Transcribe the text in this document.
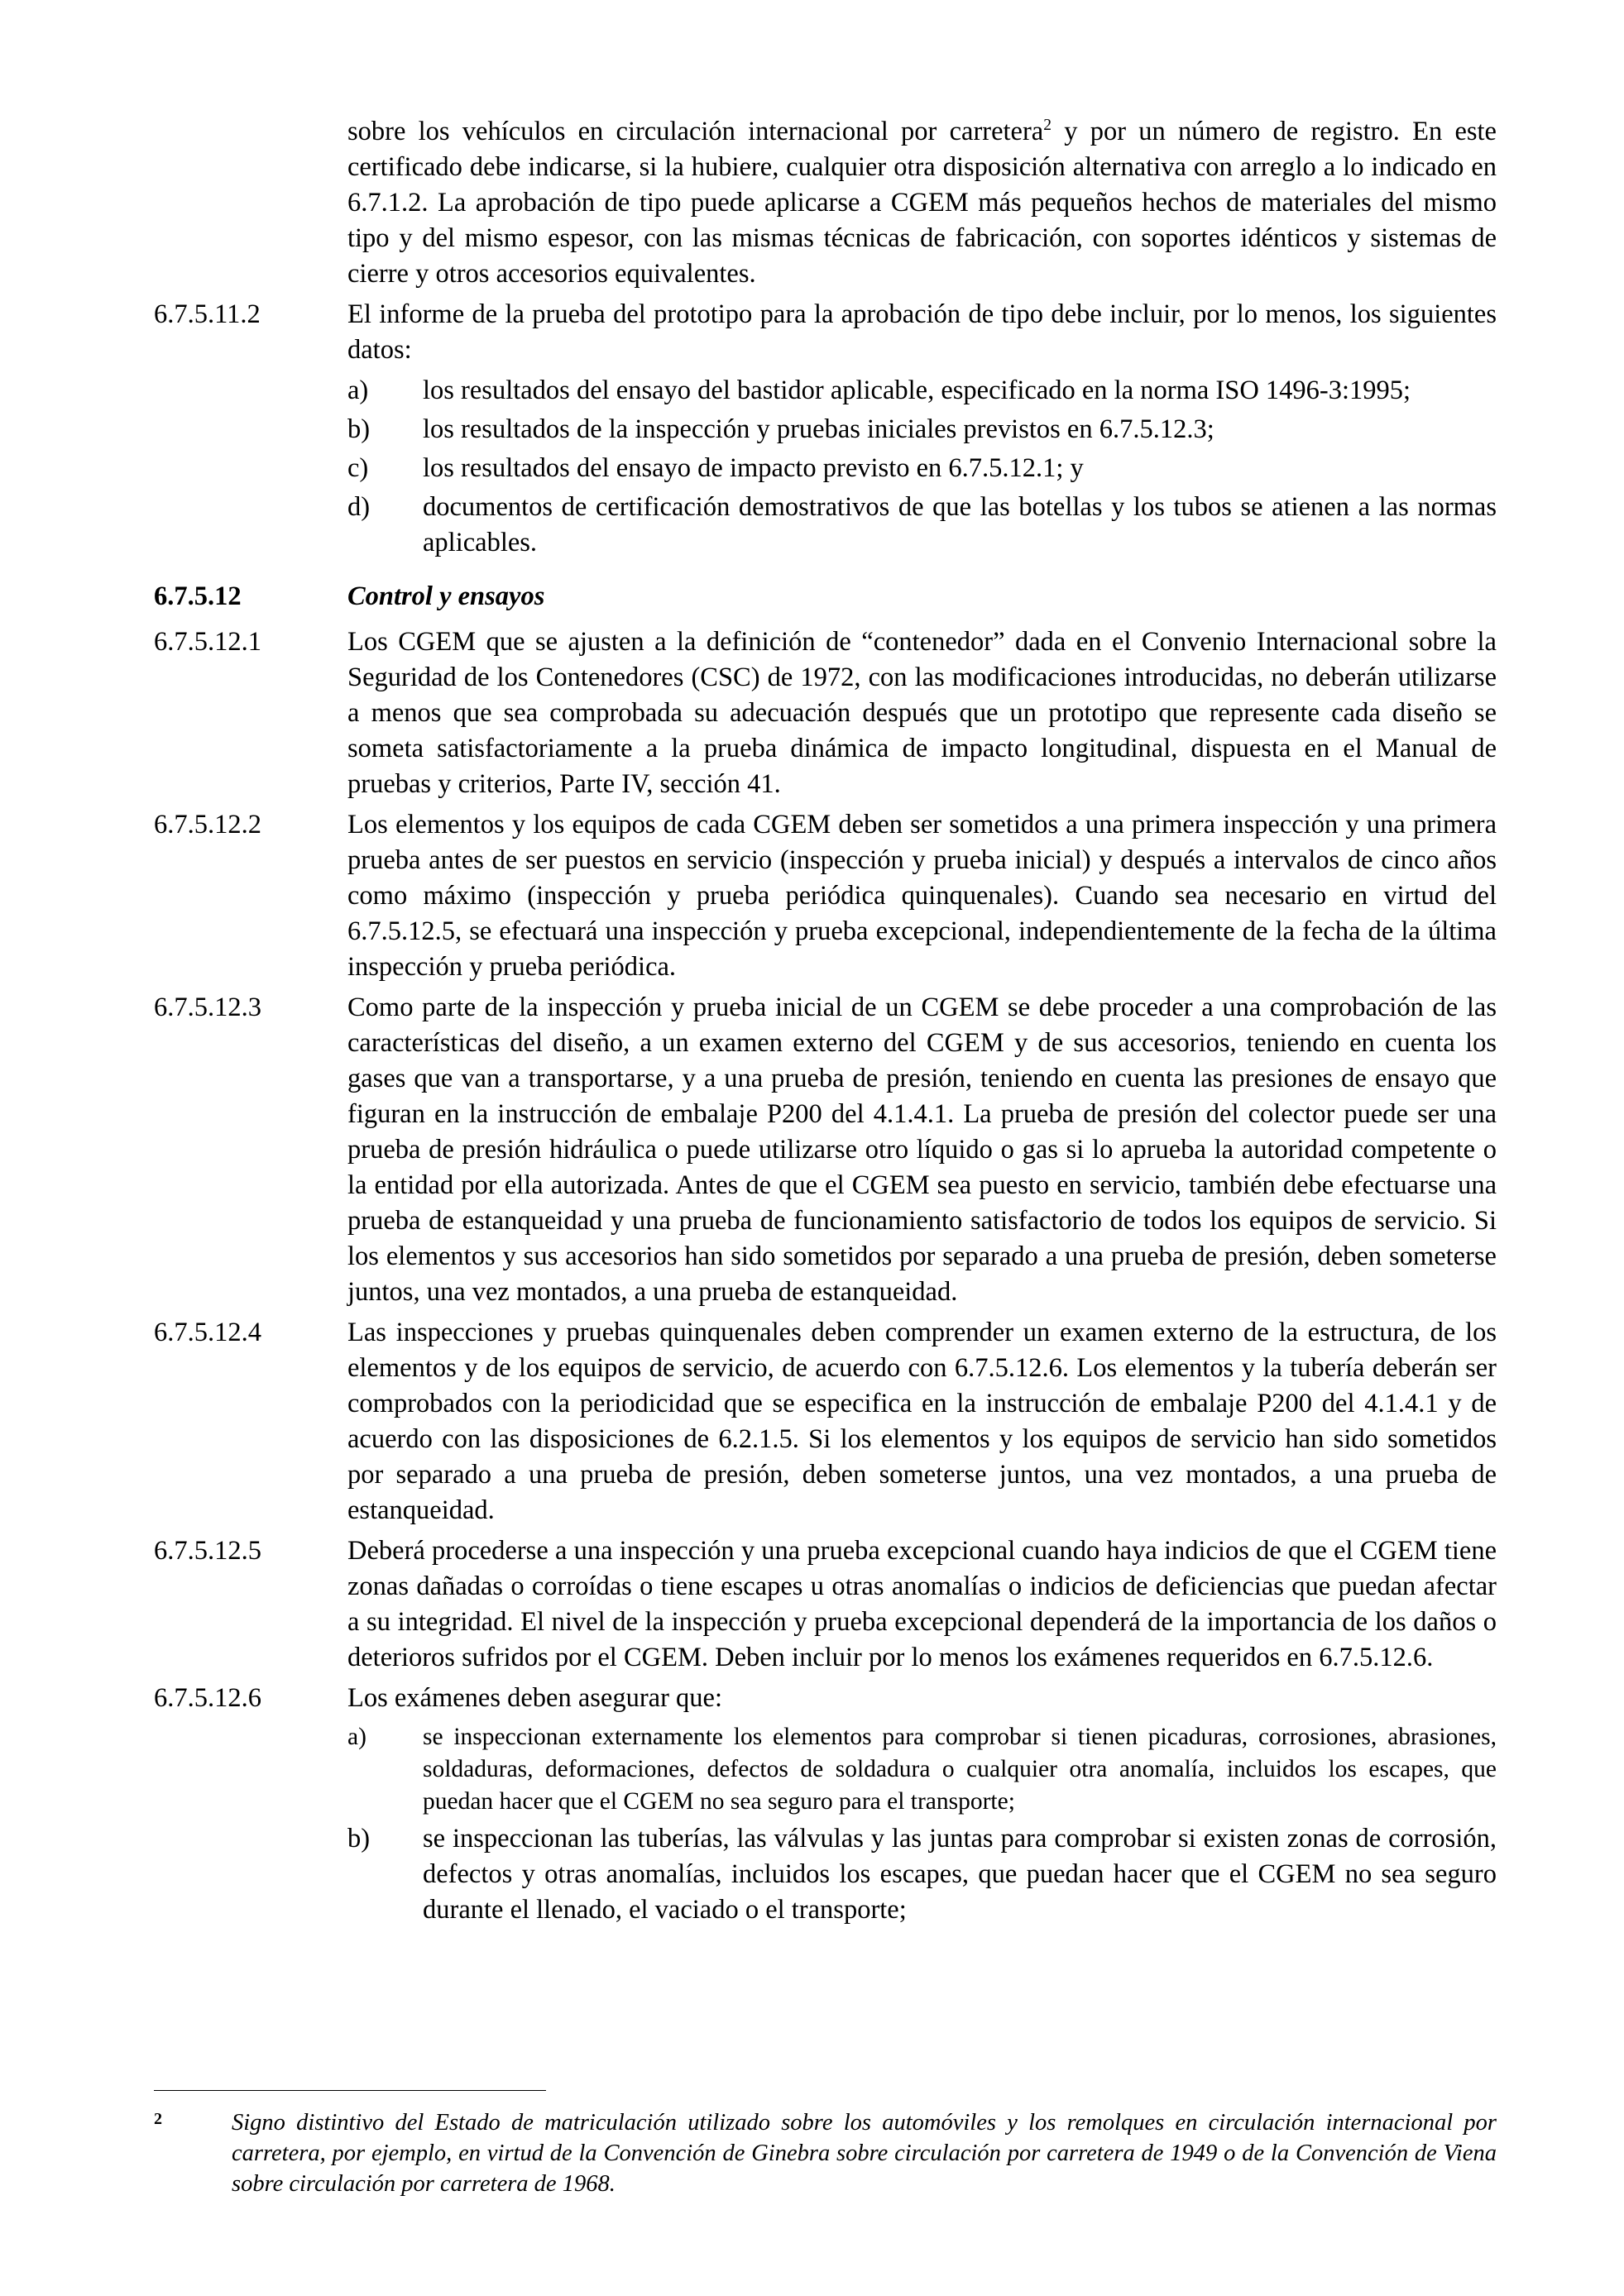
sobre los vehículos en circulación internacional por carretera$^2$ y por un número de registro. En este certificado debe indicarse, si la hubiere, cualquier otra disposición alternativa con arreglo a lo indicado en 6.7.1.2. La aprobación de tipo puede aplicarse a CGEM más pequeños hechos de materiales del mismo tipo y del mismo espesor, con las mismas técnicas de fabricación, con soportes idénticos y sistemas de cierre y otros accesorios equivalentes.
6.7.5.11.2	El informe de la prueba del prototipo para la aprobación de tipo debe incluir, por lo menos, los siguientes datos:
a)	los resultados del ensayo del bastidor aplicable, especificado en la norma ISO 1496-3:1995;
b)	los resultados de la inspección y pruebas iniciales previstos en 6.7.5.12.3;
c)	los resultados del ensayo de impacto previsto en 6.7.5.12.1; y
d)	documentos de certificación demostrativos de que las botellas y los tubos se atienen a las normas aplicables.
6.7.5.12	Control y ensayos
6.7.5.12.1	Los CGEM que se ajusten a la definición de “contenedor” dada en el Convenio Internacional sobre la Seguridad de los Contenedores (CSC) de 1972, con las modificaciones introducidas, no deberán utilizarse a menos que sea comprobada su adecuación después que un prototipo que represente cada diseño se someta satisfactoriamente a la prueba dinámica de impacto longitudinal, dispuesta en el Manual de pruebas y criterios, Parte IV, sección 41.
6.7.5.12.2	Los elementos y los equipos de cada CGEM deben ser sometidos a una primera inspección y una primera prueba antes de ser puestos en servicio (inspección y prueba inicial) y después a intervalos de cinco años como máximo (inspección y prueba periódica quinquenales). Cuando sea necesario en virtud del 6.7.5.12.5, se efectuará una inspección y prueba excepcional, independientemente de la fecha de la última inspección y prueba periódica.
6.7.5.12.3	Como parte de la inspección y prueba inicial de un CGEM se debe proceder a una comprobación de las características del diseño, a un examen externo del CGEM y de sus accesorios, teniendo en cuenta los gases que van a transportarse, y a una prueba de presión, teniendo en cuenta las presiones de ensayo que figuran en la instrucción de embalaje P200 del 4.1.4.1. La prueba de presión del colector puede ser una prueba de presión hidráulica o puede utilizarse otro líquido o gas si lo aprueba la autoridad competente o la entidad por ella autorizada. Antes de que el CGEM sea puesto en servicio, también debe efectuarse una prueba de estanqueidad y una prueba de funcionamiento satisfactorio de todos los equipos de servicio. Si los elementos y sus accesorios han sido sometidos por separado a una prueba de presión, deben someterse juntos, una vez montados, a una prueba de estanqueidad.
6.7.5.12.4	Las inspecciones y pruebas quinquenales deben comprender un examen externo de la estructura, de los elementos y de los equipos de servicio, de acuerdo con 6.7.5.12.6. Los elementos y la tubería deberán ser comprobados con la periodicidad que se especifica en la instrucción de embalaje P200 del 4.1.4.1 y de acuerdo con las disposiciones de 6.2.1.5. Si los elementos y los equipos de servicio han sido sometidos por separado a una prueba de presión, deben someterse juntos, una vez montados, a una prueba de estanqueidad.
6.7.5.12.5	Deberá procederse a una inspección y una prueba excepcional cuando haya indicios de que el CGEM tiene zonas dañadas o corroídas o tiene escapes u otras anomalías o indicios de deficiencias que puedan afectar a su integridad. El nivel de la inspección y prueba excepcional dependerá de la importancia de los daños o deterioros sufridos por el CGEM. Deben incluir por lo menos los exámenes requeridos en 6.7.5.12.6.
6.7.5.12.6	Los exámenes deben asegurar que:
a)	se inspeccionan externamente los elementos para comprobar si tienen picaduras, corrosiones, abrasiones, soldaduras, deformaciones, defectos de soldadura o cualquier otra anomalía, incluidos los escapes, que puedan hacer que el CGEM no sea seguro para el transporte;
b)	se inspeccionan las tuberías, las válvulas y las juntas para comprobar si existen zonas de corrosión, defectos y otras anomalías, incluidos los escapes, que puedan hacer que el CGEM no sea seguro durante el llenado, el vaciado o el transporte;
2	Signo distintivo del Estado de matriculación utilizado sobre los automóviles y los remolques en circulación internacional por carretera, por ejemplo, en virtud de la Convención de Ginebra sobre circulación por carretera de 1949 o de la Convención de Viena sobre circulación por carretera de 1968.
